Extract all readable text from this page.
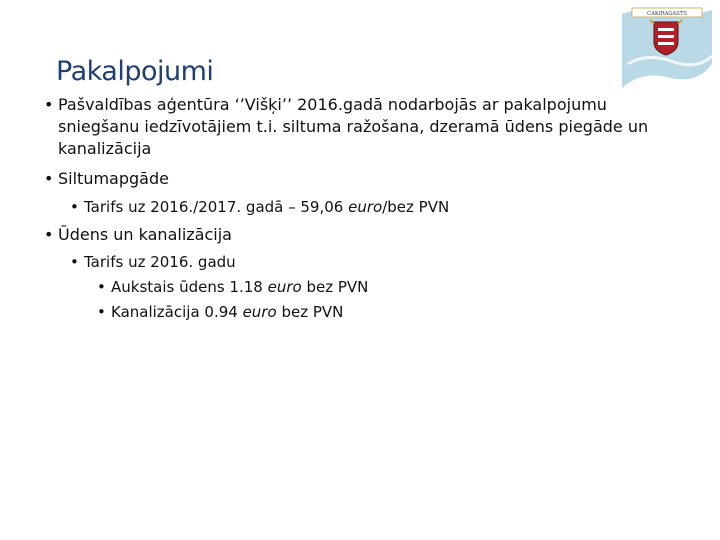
CAKIRAGASTS
Pakalpojumi
• Pašvaldības aģentūra ‘’Višķi’’ 2016.gadā nodarbojās ar pakalpojumu
sniegšanu iedzīvotājiem t.i. siltuma ražošana, dzeramā ūdens piegāde un
kanalizācija
• Siltumapgāde
• Tarifs uz 2016./2017. gadā – 59,06 euro/bez PVN
• Ūdens un kanalizācija
• Tarifs uz 2016. gadu
• Aukstais ūdens 1.18 euro bez PVN
• Kanalizācija 0.94 euro bez PVN
